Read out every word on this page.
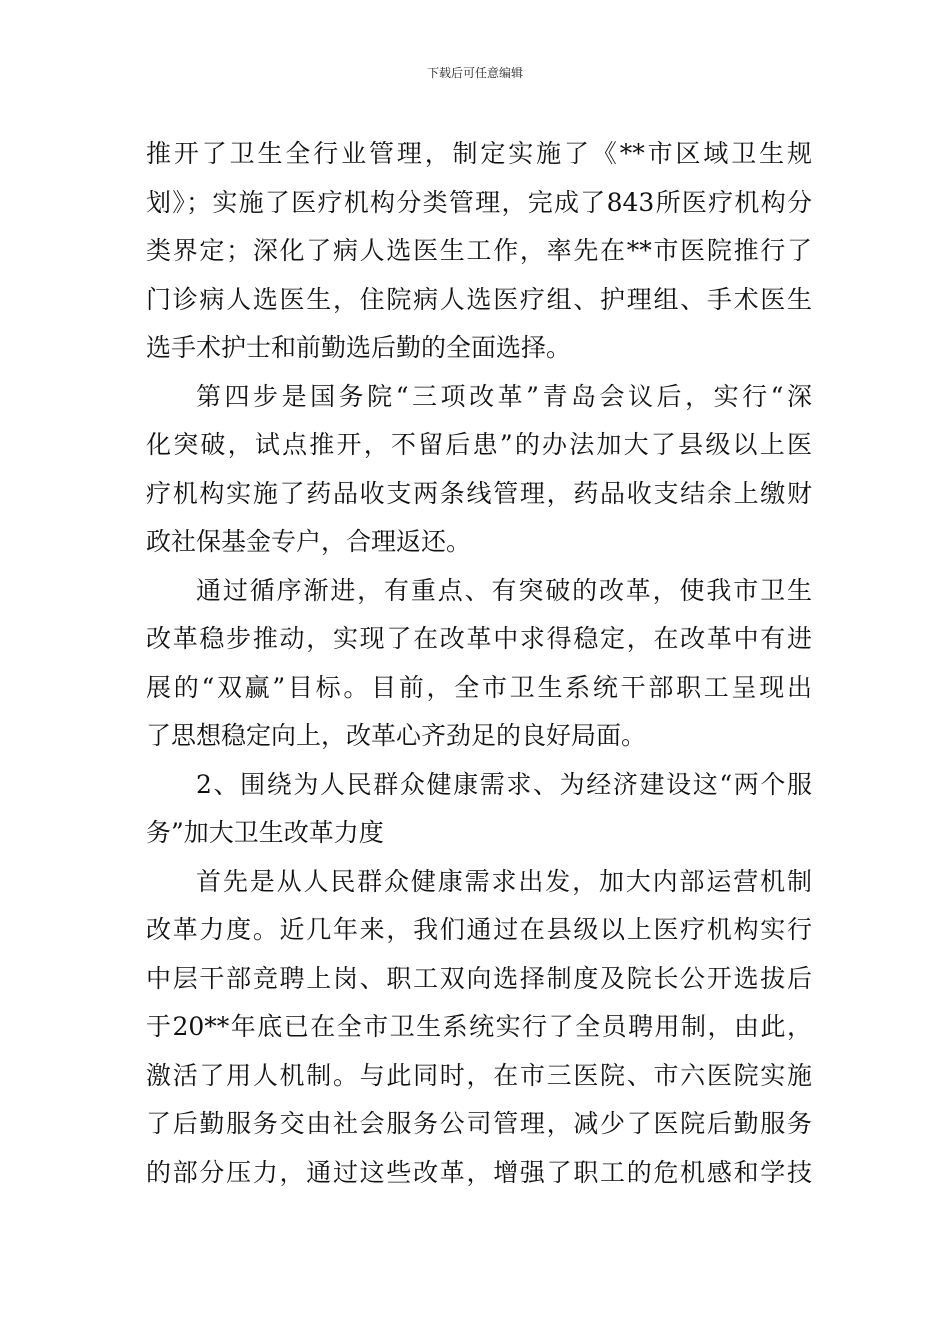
下载后可任意编辑
推开了卫生全行业管理，制定实施了《**市区域卫生规
划》；实施了医疗机构分类管理，完成了843所医疗机构分
类界定；深化了病人选医生工作，率先在**市医院推行了
门诊病人选医生，住院病人选医疗组、护理组、手术医生
选手术护士和前勤选后勤的全面选择。
第四步是国务院“三项改革”青岛会议后，实行“深
化突破，试点推开，不留后患”的办法加大了县级以上医
疗机构实施了药品收支两条线管理，药品收支结余上缴财
政社保基金专户，合理返还。
通过循序渐进，有重点、有突破的改革，使我市卫生
改革稳步推动，实现了在改革中求得稳定，在改革中有进
展的“双赢”目标。目前，全市卫生系统干部职工呈现出
了思想稳定向上，改革心齐劲足的良好局面。
2、围绕为人民群众健康需求、为经济建设这“两个服
务”加大卫生改革力度
首先是从人民群众健康需求出发，加大内部运营机制
改革力度。近几年来，我们通过在县级以上医疗机构实行
中层干部竞聘上岗、职工双向选择制度及院长公开选拔后
于20**年底已在全市卫生系统实行了全员聘用制，由此，
激活了用人机制。与此同时，在市三医院、市六医院实施
了后勤服务交由社会服务公司管理，减少了医院后勤服务
的部分压力，通过这些改革，增强了职工的危机感和学技
